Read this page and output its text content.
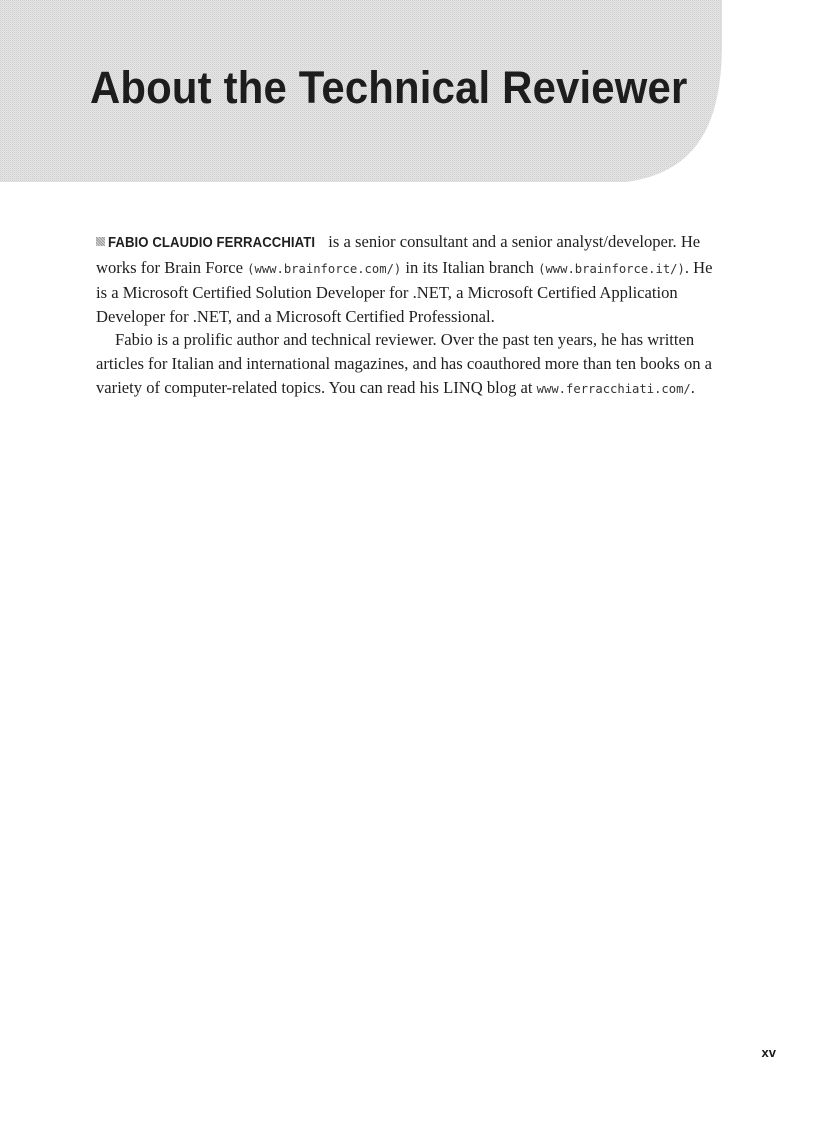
About the Technical Reviewer

FABIO CLAUDIO FERRACCHIATI is a senior consultant and a senior analyst/developer. He works for Brain Force (www.brainforce.com/) in its Italian branch (www.brainforce.it/). He is a Microsoft Certified Solution Developer for .NET, a Microsoft Certified Application Developer for .NET, and a Microsoft Certified Professional.

Fabio is a prolific author and technical reviewer. Over the past ten years, he has written articles for Italian and international magazines, and has coauthored more than ten books on a variety of computer-related topics. You can read his LINQ blog at www.ferracchiati.com/.

xv
